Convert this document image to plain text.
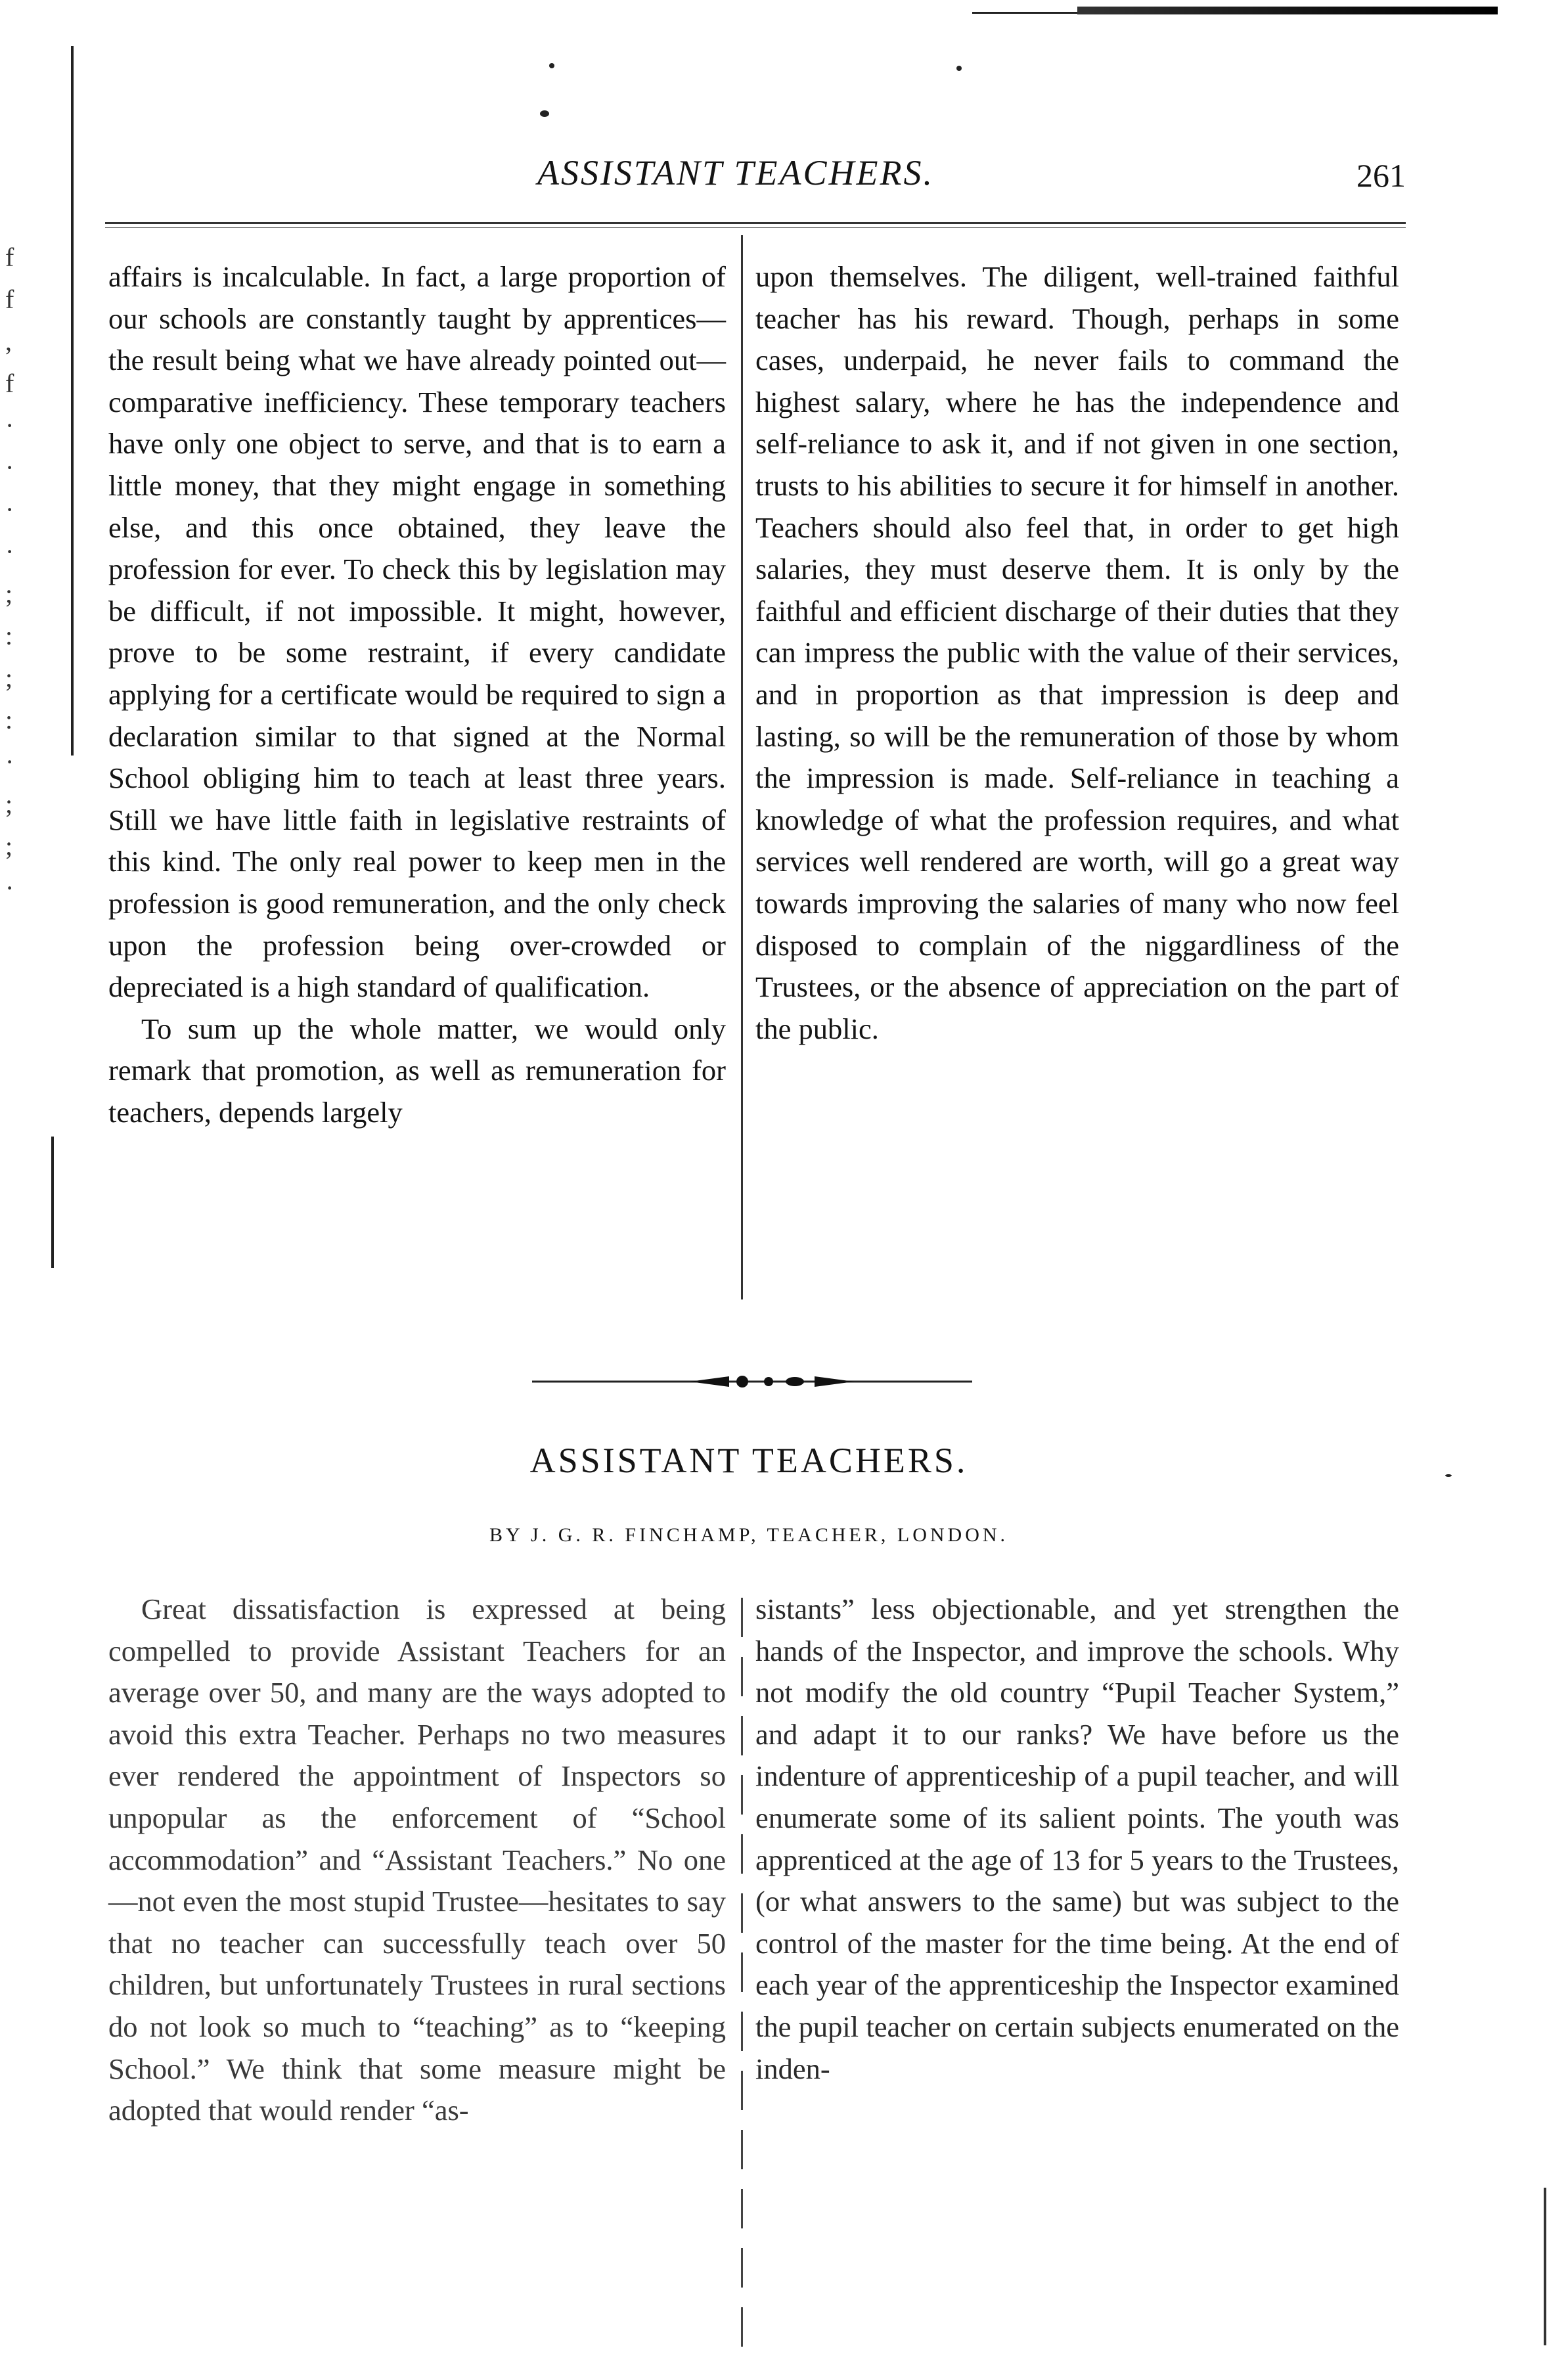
f
f
,
f
·
·
·
·
;
:
;
:
·
;
;
·
ASSISTANT TEACHERS.	261

affairs is incalculable. In fact, a large proportion of our schools are constantly taught by apprentices—the result being what we have already pointed out—comparative inefficiency. These temporary teachers have only one object to serve, and that is to earn a little money, that they might engage in something else, and this once obtained, they leave the profession for ever. To check this by legislation may be difficult, if not impossible. It might, however, prove to be some restraint, if every candidate applying for a certificate would be required to sign a declaration similar to that signed at the Normal School obliging him to teach at least three years. Still we have little faith in legislative restraints of this kind. The only real power to keep men in the profession is good remuneration, and the only check upon the profession being over-crowded or depreciated is a high standard of qualification.

To sum up the whole matter, we would only remark that promotion, as well as remuneration for teachers, depends largely

upon themselves. The diligent, well-trained faithful teacher has his reward. Though, perhaps in some cases, underpaid, he never fails to command the highest salary, where he has the independence and self-reliance to ask it, and if not given in one section, trusts to his abilities to secure it for himself in another. Teachers should also feel that, in order to get high salaries, they must deserve them. It is only by the faithful and efficient discharge of their duties that they can impress the public with the value of their services, and in proportion as that impression is deep and lasting, so will be the remuneration of those by whom the impression is made. Self-reliance in teaching a knowledge of what the profession requires, and what services well rendered are worth, will go a great way towards improving the salaries of many who now feel disposed to complain of the niggardliness of the Trustees, or the absence of appreciation on the part of the public.

ASSISTANT TEACHERS.
BY J. G. R. FINCHAMP, TEACHER, LONDON.

Great dissatisfaction is expressed at being compelled to provide Assistant Teachers for an average over 50, and many are the ways adopted to avoid this extra Teacher. Perhaps no two measures ever rendered the appointment of Inspectors so unpopular as the enforcement of “School accommodation” and “Assistant Teachers.” No one—not even the most stupid Trustee—hesitates to say that no teacher can successfully teach over 50 children, but unfortunately Trustees in rural sections do not look so much to “teaching” as to “keeping School.” We think that some measure might be adopted that would render “as-

sistants” less objectionable, and yet strengthen the hands of the Inspector, and improve the schools. Why not modify the old country “Pupil Teacher System,” and adapt it to our ranks? We have before us the indenture of apprenticeship of a pupil teacher, and will enumerate some of its salient points. The youth was apprenticed at the age of 13 for 5 years to the Trustees, (or what answers to the same) but was subject to the control of the master for the time being. At the end of each year of the apprenticeship the Inspector examined the pupil teacher on certain subjects enumerated on the inden-
